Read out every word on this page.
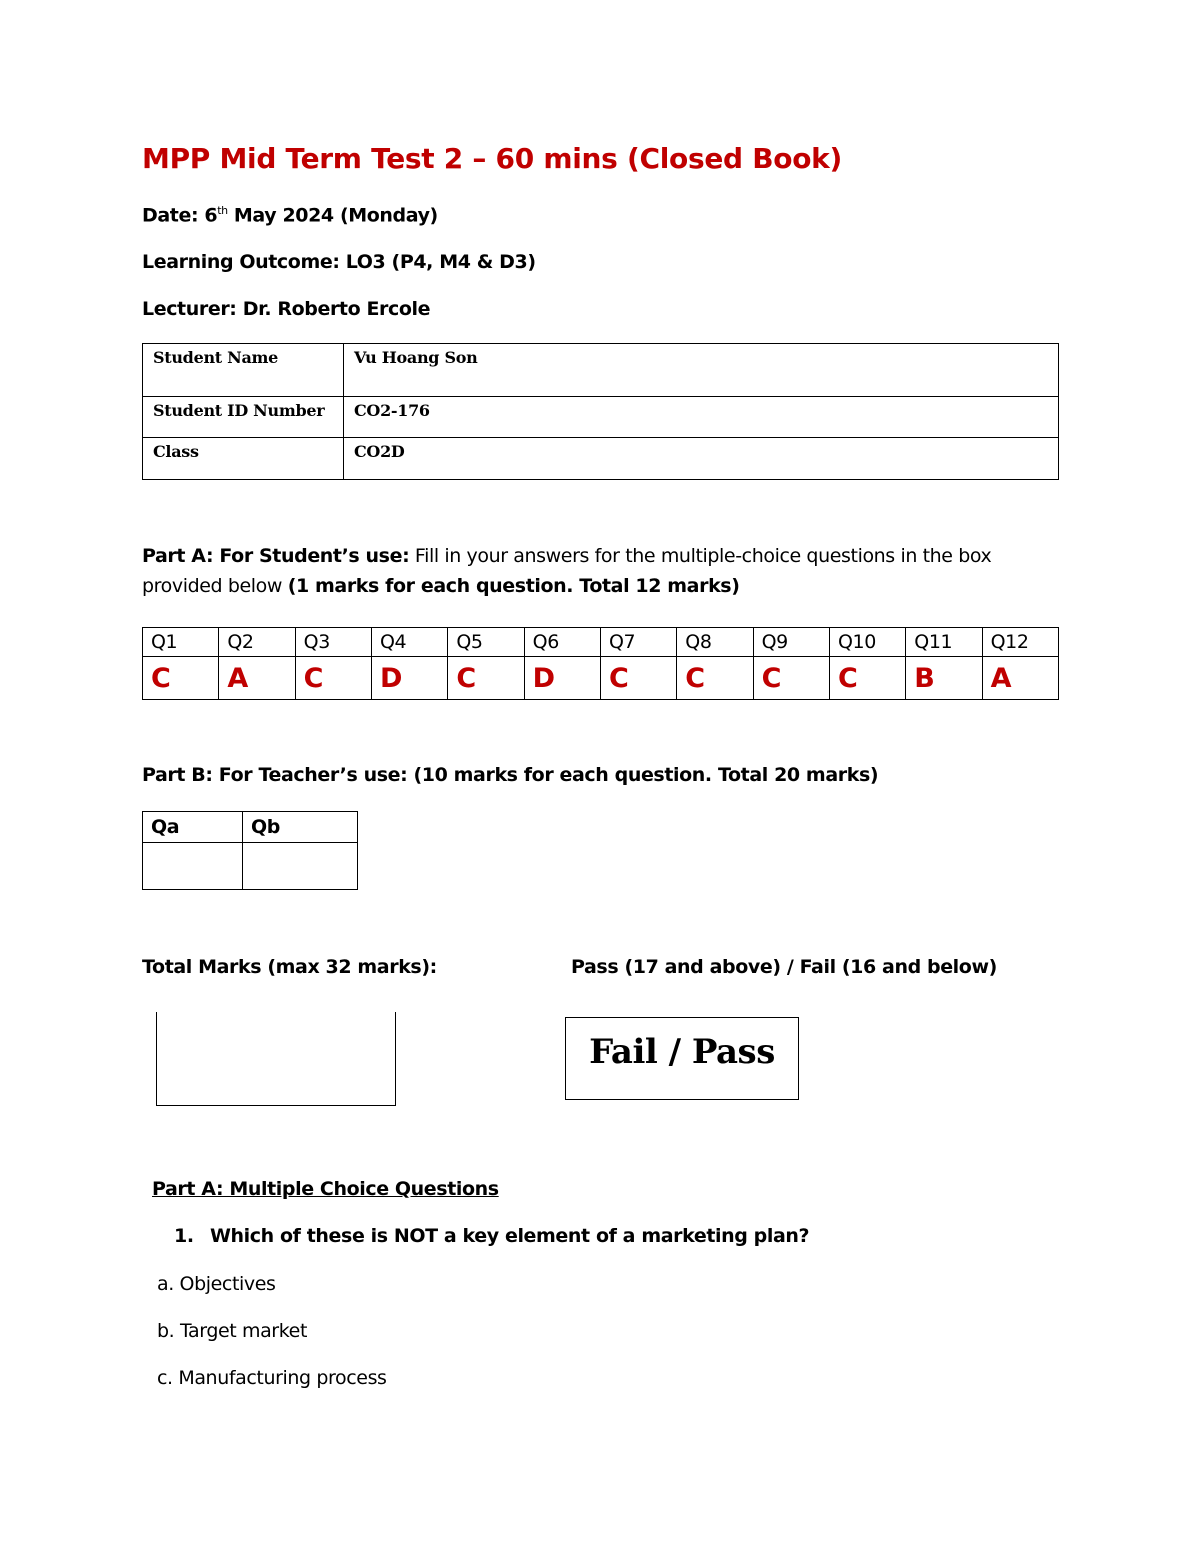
MPP Mid Term Test 2 – 60 mins (Closed Book)
Date: 6th May 2024 (Monday)
Learning Outcome: LO3 (P4, M4 & D3)
Lecturer: Dr. Roberto Ercole
Student Name	Vu Hoang Son
Student ID Number	CO2-176
Class	CO2D
Part A: For Student’s use: Fill in your answers for the multiple-choice questions in the box provided below (1 marks for each question. Total 12 marks)
Q1	Q2	Q3	Q4	Q5	Q6	Q7	Q8	Q9	Q10	Q11	Q12
C	A	C	D	C	D	C	C	C	C	B	A
Part B: For Teacher’s use: (10 marks for each question. Total 20 marks)
Qa	Qb

Total Marks (max 32 marks):	Pass (17 and above) / Fail (16 and below)
Fail / Pass
Part A: Multiple Choice Questions
1. Which of these is NOT a key element of a marketing plan?
a. Objectives
b. Target market
c. Manufacturing process
